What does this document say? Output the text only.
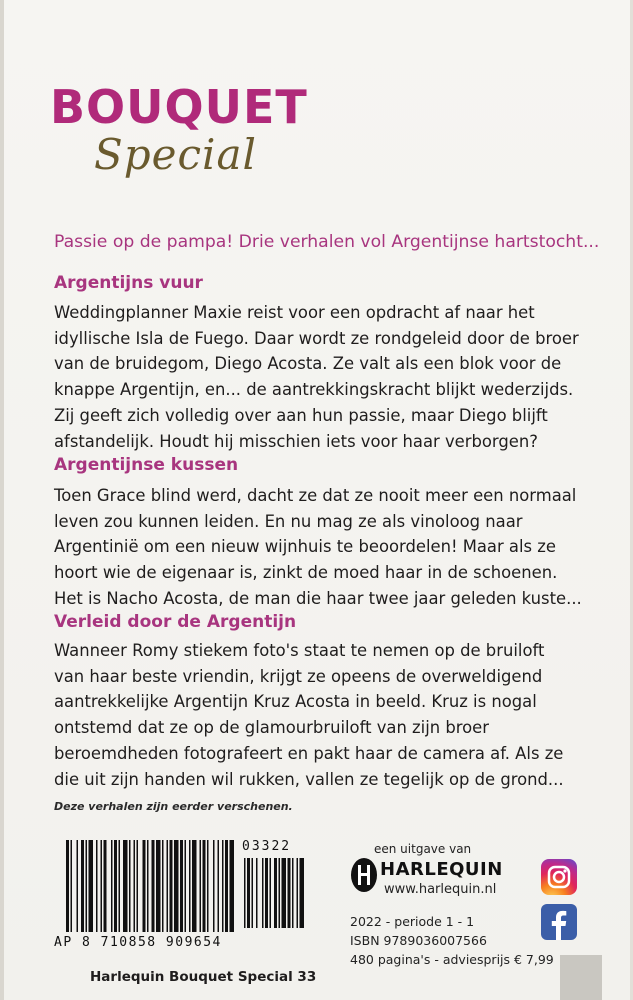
BOUQUET
Special
Passie op de pampa! Drie verhalen vol Argentijnse hartstocht...
Argentijns vuur
Weddingplanner Maxie reist voor een opdracht af naar het
idyllische Isla de Fuego. Daar wordt ze rondgeleid door de broer
van de bruidegom, Diego Acosta. Ze valt als een blok voor de
knappe Argentijn, en... de aantrekkingskracht blijkt wederzijds.
Zij geeft zich volledig over aan hun passie, maar Diego blijft
afstandelijk. Houdt hij misschien iets voor haar verborgen?
Argentijnse kussen
Toen Grace blind werd, dacht ze dat ze nooit meer een normaal
leven zou kunnen leiden. En nu mag ze als vinoloog naar
Argentinië om een nieuw wijnhuis te beoordelen! Maar als ze
hoort wie de eigenaar is, zinkt de moed haar in de schoenen.
Het is Nacho Acosta, de man die haar twee jaar geleden kuste...
Verleid door de Argentijn
Wanneer Romy stiekem foto's staat te nemen op de bruiloft
van haar beste vriendin, krijgt ze opeens de overweldigend
aantrekkelijke Argentijn Kruz Acosta in beeld. Kruz is nogal
ontstemd dat ze op de glamourbruiloft van zijn broer
beroemdheden fotografeert en pakt haar de camera af. Als ze
die uit zijn handen wil rukken, vallen ze tegelijk op de grond...
Deze verhalen zijn eerder verschenen.
03322
AP 8 710858 909654
Harlequin Bouquet Special 33
een uitgave van
HARLEQUIN
www.harlequin.nl
2022 - periode 1 - 1
ISBN 9789036007566
480 pagina's - adviesprijs € 7,99
